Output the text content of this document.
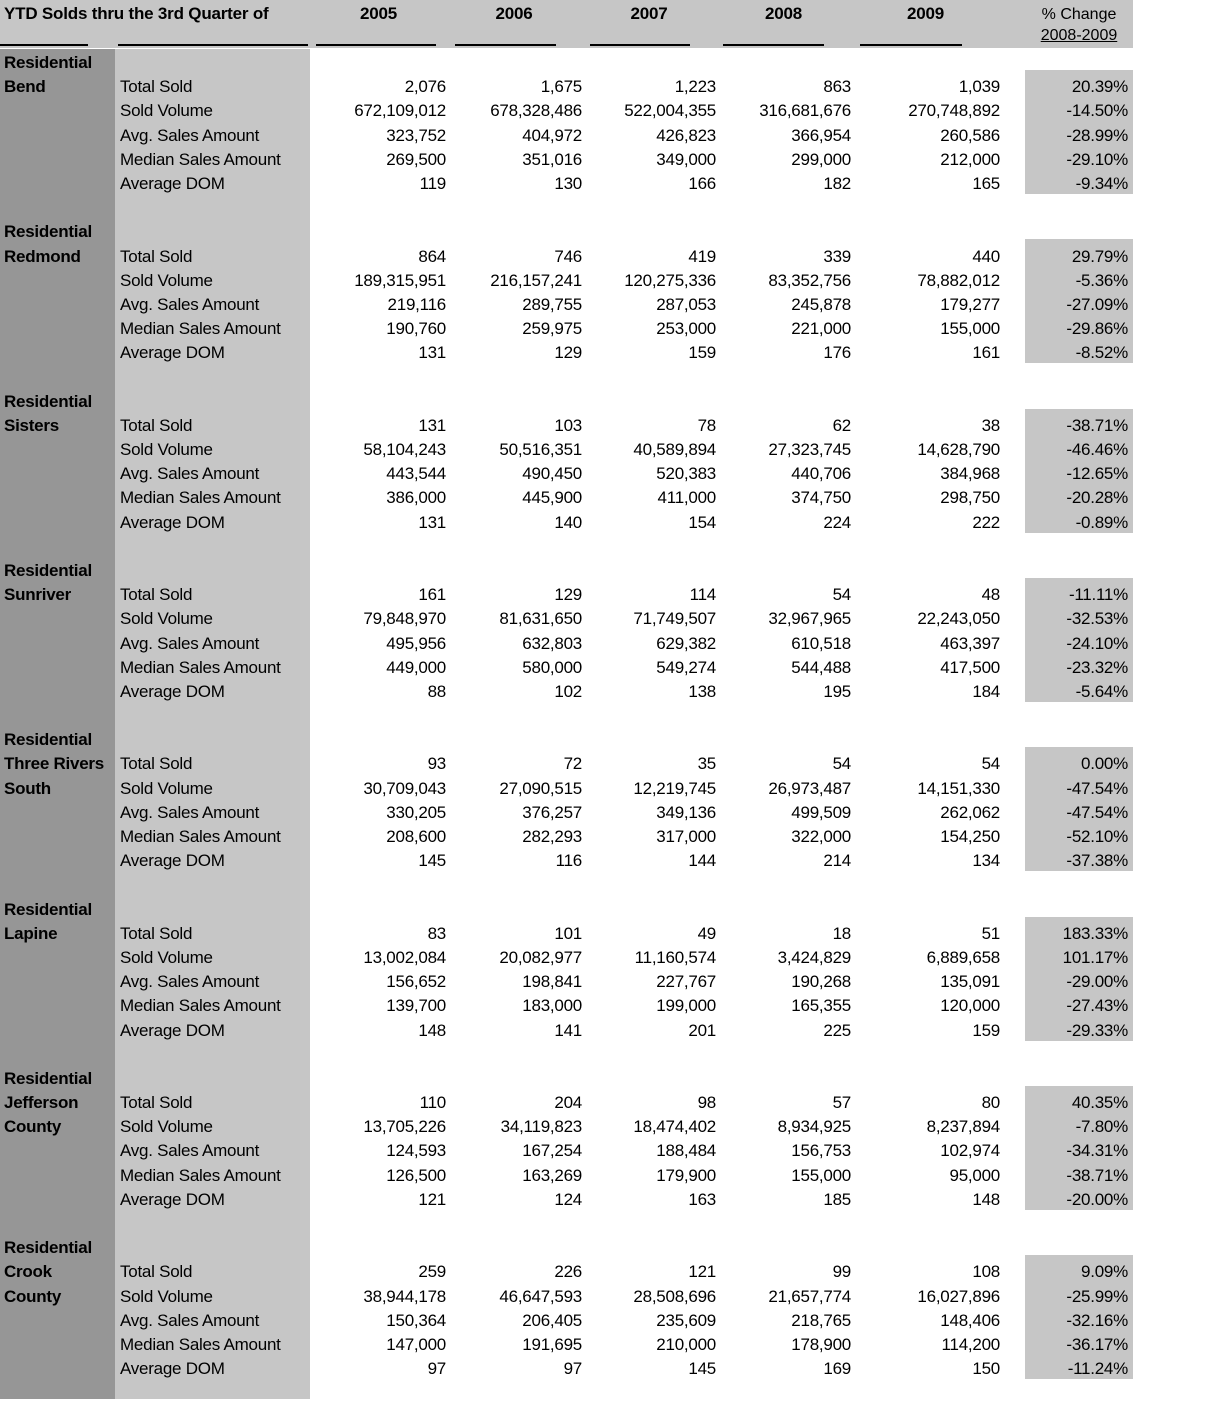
YTD Solds thru the 3rd Quarter of	2005	2006	2007	2008	2009	% Change
2008-2009
Residential
Bend	Total Sold	2,076	1,675	1,223	863	1,039	20.39%
Sold Volume	672,109,012	678,328,486	522,004,355	316,681,676	270,748,892	-14.50%
Avg. Sales Amount	323,752	404,972	426,823	366,954	260,586	-28.99%
Median Sales Amount	269,500	351,016	349,000	299,000	212,000	-29.10%
Average DOM	119	130	166	182	165	-9.34%
Residential
Redmond	Total Sold	864	746	419	339	440	29.79%
Sold Volume	189,315,951	216,157,241	120,275,336	83,352,756	78,882,012	-5.36%
Avg. Sales Amount	219,116	289,755	287,053	245,878	179,277	-27.09%
Median Sales Amount	190,760	259,975	253,000	221,000	155,000	-29.86%
Average DOM	131	129	159	176	161	-8.52%
Residential
Sisters	Total Sold	131	103	78	62	38	-38.71%
Sold Volume	58,104,243	50,516,351	40,589,894	27,323,745	14,628,790	-46.46%
Avg. Sales Amount	443,544	490,450	520,383	440,706	384,968	-12.65%
Median Sales Amount	386,000	445,900	411,000	374,750	298,750	-20.28%
Average DOM	131	140	154	224	222	-0.89%
Residential
Sunriver	Total Sold	161	129	114	54	48	-11.11%
Sold Volume	79,848,970	81,631,650	71,749,507	32,967,965	22,243,050	-32.53%
Avg. Sales Amount	495,956	632,803	629,382	610,518	463,397	-24.10%
Median Sales Amount	449,000	580,000	549,274	544,488	417,500	-23.32%
Average DOM	88	102	138	195	184	-5.64%
Residential
Three Rivers
South
Total Sold	93	72	35	54	54	0.00%
Sold Volume	30,709,043	27,090,515	12,219,745	26,973,487	14,151,330	-47.54%
Avg. Sales Amount	330,205	376,257	349,136	499,509	262,062	-47.54%
Median Sales Amount	208,600	282,293	317,000	322,000	154,250	-52.10%
Average DOM	145	116	144	214	134	-37.38%
Residential
Lapine	Total Sold	83	101	49	18	51	183.33%
Sold Volume	13,002,084	20,082,977	11,160,574	3,424,829	6,889,658	101.17%
Avg. Sales Amount	156,652	198,841	227,767	190,268	135,091	-29.00%
Median Sales Amount	139,700	183,000	199,000	165,355	120,000	-27.43%
Average DOM	148	141	201	225	159	-29.33%
Residential
Jefferson
County
Total Sold	110	204	98	57	80	40.35%
Sold Volume	13,705,226	34,119,823	18,474,402	8,934,925	8,237,894	-7.80%
Avg. Sales Amount	124,593	167,254	188,484	156,753	102,974	-34.31%
Median Sales Amount	126,500	163,269	179,900	155,000	95,000	-38.71%
Average DOM	121	124	163	185	148	-20.00%
Residential
Crook
County
Total Sold	259	226	121	99	108	9.09%
Sold Volume	38,944,178	46,647,593	28,508,696	21,657,774	16,027,896	-25.99%
Avg. Sales Amount	150,364	206,405	235,609	218,765	148,406	-32.16%
Median Sales Amount	147,000	191,695	210,000	178,900	114,200	-36.17%
Average DOM	97	97	145	169	150	-11.24%
